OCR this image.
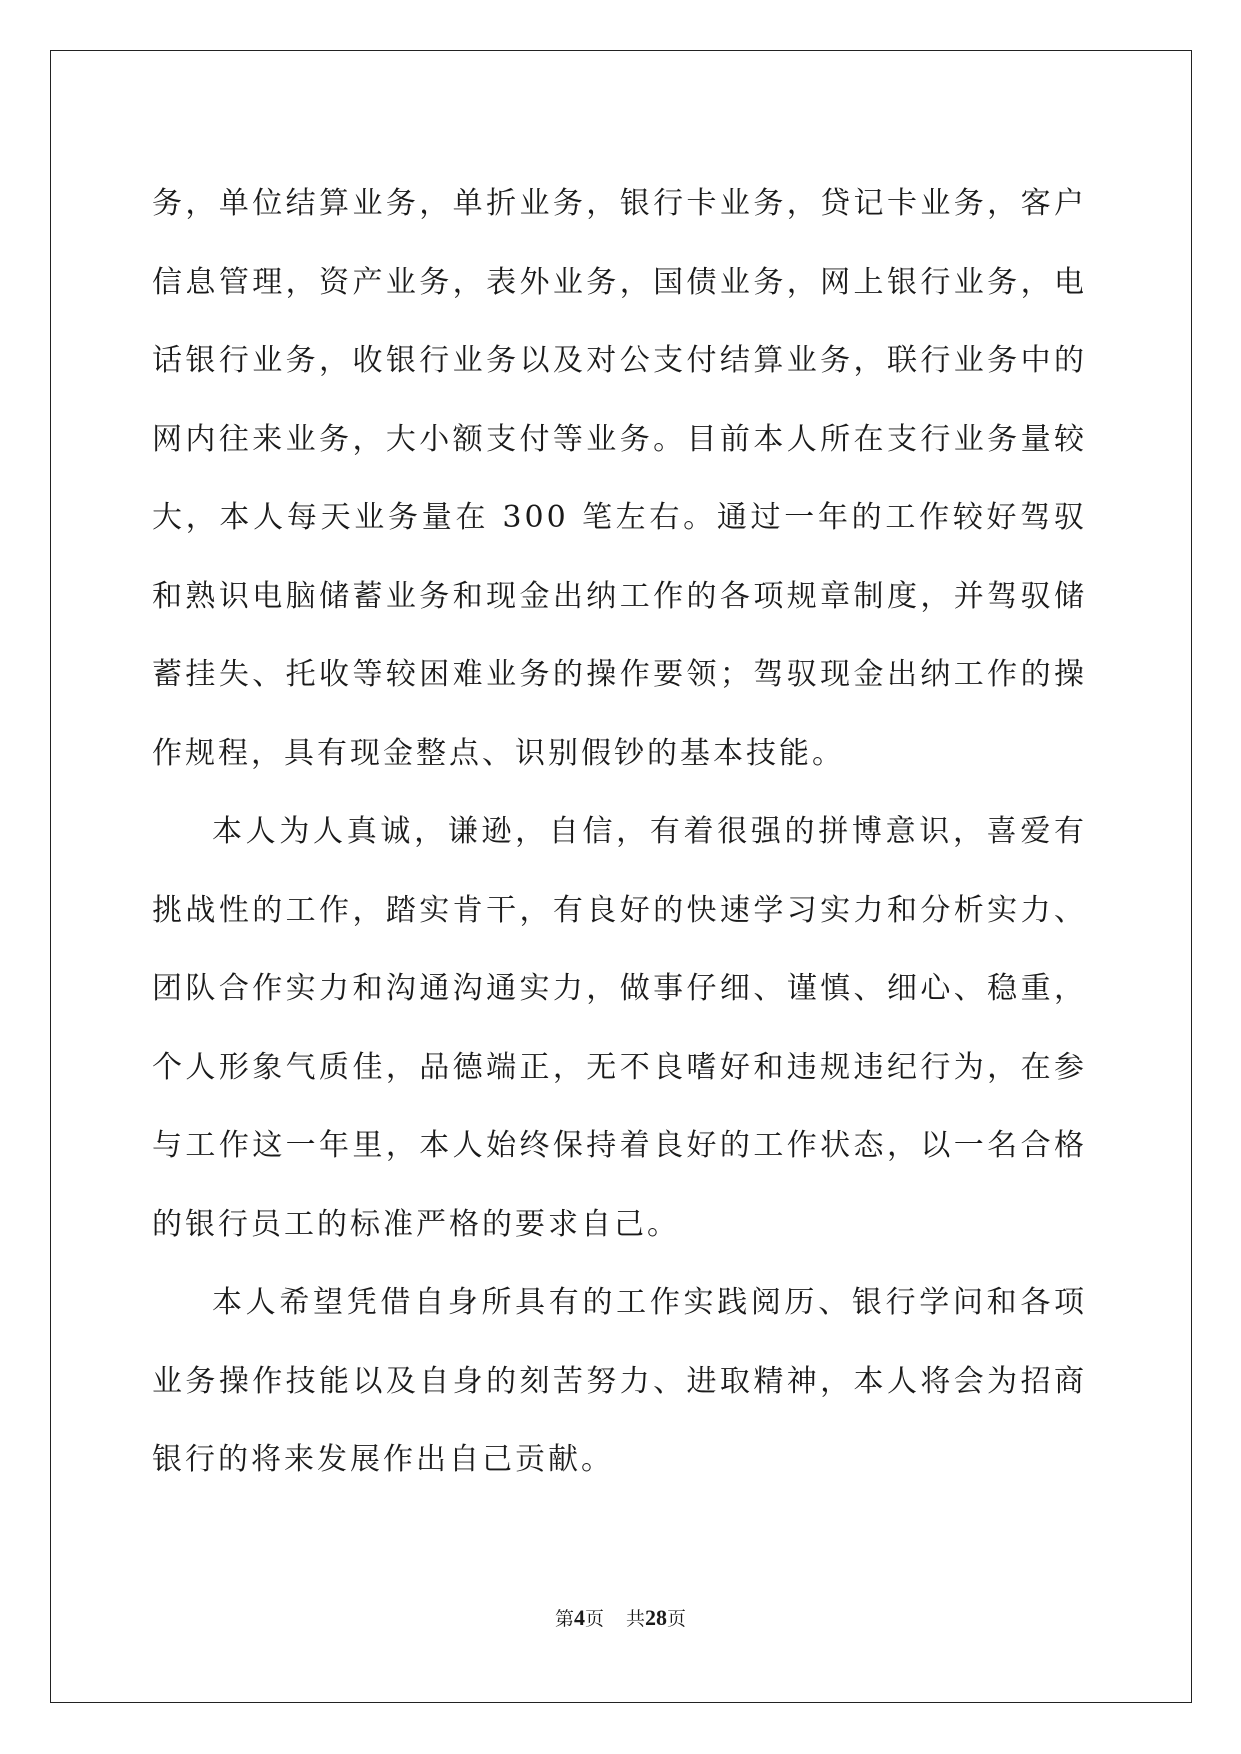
务，单位结算业务，单折业务，银行卡业务，贷记卡业务，客户信息管理，资产业务，表外业务，国债业务，网上银行业务，电话银行业务，收银行业务以及对公支付结算业务，联行业务中的网内往来业务，大小额支付等业务。目前本人所在支行业务量较大，本人每天业务量在 300 笔左右。通过一年的工作较好驾驭和熟识电脑储蓄业务和现金出纳工作的各项规章制度，并驾驭储蓄挂失、托收等较困难业务的操作要领；驾驭现金出纳工作的操作规程，具有现金整点、识别假钞的基本技能。

本人为人真诚，谦逊，自信，有着很强的拼博意识，喜爱有挑战性的工作，踏实肯干，有良好的快速学习实力和分析实力、团队合作实力和沟通沟通实力，做事仔细、谨慎、细心、稳重，个人形象气质佳，品德端正，无不良嗜好和违规违纪行为，在参与工作这一年里，本人始终保持着良好的工作状态，以一名合格的银行员工的标准严格的要求自己。

本人希望凭借自身所具有的工作实践阅历、银行学问和各项业务操作技能以及自身的刻苦努力、进取精神，本人将会为招商银行的将来发展作出自己贡献。

第4页 共28页
